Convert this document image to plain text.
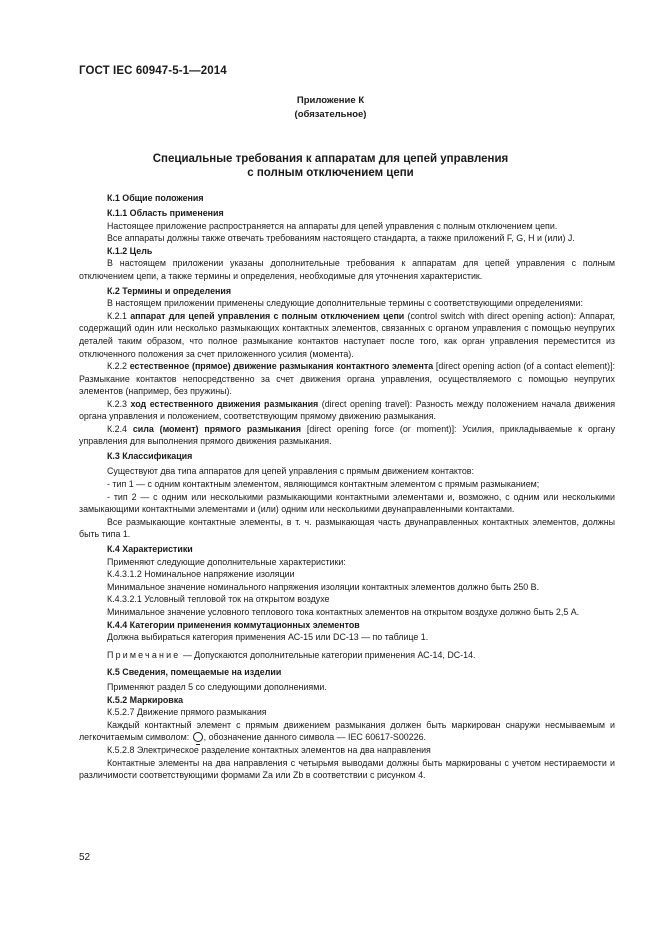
ГОСТ IEC 60947-5-1—2014
Приложение К
(обязательное)
Специальные требования к аппаратам для цепей управления
с полным отключением цепи

К.1 Общие положения

К.1.1 Область применения

Настоящее приложение распространяется на аппараты для цепей управления с полным отключением цепи.

Все аппараты должны также отвечать требованиям настоящего стандарта, а также приложений F, G, H и (или) J.

К.1.2 Цель

В настоящем приложении указаны дополнительные требования к аппаратам для цепей управления с полным отключением цепи, а также термины и определения, необходимые для уточнения характеристик.

К.2 Термины и определения

В настоящем приложении применены следующие дополнительные термины с соответствующими определениями:

К.2.1 аппарат для цепей управления с полным отключением цепи (control switch with direct opening action): Аппарат, содержащий один или несколько размыкающих контактных элементов, связанных с органом управления с помощью неупругих деталей таким образом, что полное размыкание контактов наступает после того, как орган управления переместится из отключенного положения за счет приложенного усилия (момента).

К.2.2 естественное (прямое) движение размыкания контактного элемента [direct opening action (of a contact element)]: Размыкание контактов непосредственно за счет движения органа управления, осуществляемого с помощью неупругих элементов (например, без пружины).

К.2.3 ход естественного движения размыкания (direct opening travel): Разность между положением начала движения органа управления и положением, соответствующим прямому движению размыкания.

К.2.4 сила (момент) прямого размыкания [direct opening force (or moment)]: Усилия, прикладываемые к органу управления для выполнения прямого движения размыкания.

К.3 Классификация

Существуют два типа аппаратов для цепей управления с прямым движением контактов:

- тип 1 — с одним контактным элементом, являющимся контактным элементом с прямым размыканием;

- тип 2 — с одним или несколькими размыкающими контактными элементами и, возможно, с одним или несколькими замыкающими контактными элементами и (или) одним или несколькими двунаправленными контактами.

Все размыкающие контактные элементы, в т. ч. размыкающая часть двунаправленных контактных элементов, должны быть типа 1.

К.4 Характеристики

Применяют следующие дополнительные характеристики:

К.4.3.1.2 Номинальное напряжение изоляции

Минимальное значение номинального напряжения изоляции контактных элементов должно быть 250 В.

К.4.3.2.1 Условный тепловой ток на открытом воздухе

Минимальное значение условного теплового тока контактных элементов на открытом воздухе должно быть 2,5 А.

К.4.4 Категории применения коммутационных элементов

Должна выбираться категория применения АС-15 или DC-13 — по таблице 1.

Примечание — Допускаются дополнительные категории применения АС-14, DC-14.

К.5 Сведения, помещаемые на изделии

Применяют раздел 5 со следующими дополнениями.

К.5.2 Маркировка

К.5.2.7 Движение прямого размыкания

Каждый контактный элемент с прямым движением размыкания должен быть маркирован снаружи несмываемым и легкочитаемым символом: , обозначение данного символа — IEC 60617-S00226.

К.5.2.8 Электрическое разделение контактных элементов на два направления

Контактные элементы на два направления с четырьмя выводами должны быть маркированы с учетом нестираемости и различимости соответствующими формами Za или Zb в соответствии с рисунком 4.

52
